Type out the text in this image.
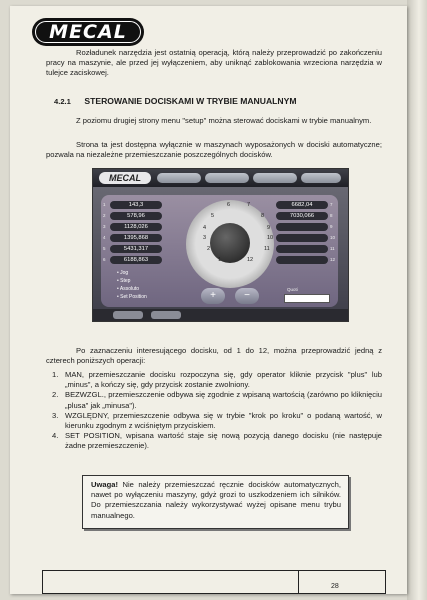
MECAL
Rozładunek narzędzia jest ostatnią operacją, którą należy przeprowadzić po zakończeniu pracy na maszynie, ale przed jej wyłączeniem, aby uniknąć zablokowania wrzeciona narzędzia w tulejce zaciskowej.
4.2.1 STEROWANIE DOCISKAMI W TRYBIE MANUALNYM
Z poziomu drugiej strony menu "setup" można sterować dociskami w trybie manualnym.
Strona ta jest dostępna wyłącznie w maszynach wyposażonych w dociski automatyczne; pozwala na niezależne przemieszczanie poszczególnych docisków.
MECAL
6	7
5	8
4	9
3	10
2	11
1	12
1	143,3
2	578,96
3	1128,026
4	1395,868
5	5431,317
6	6188,863
6682,04	7
7030,066	8
9
10
11
12
• Jog
• Step
• Assoluto
• Set Position	+	−
Quoti
Po zaznaczeniu interesującego docisku, od 1 do 12, można przeprowadzić jedną z czterech poniższych operacji:
1. MAN, przemieszczanie docisku rozpoczyna się, gdy operator kliknie przycisk "plus" lub „minus", a kończy się, gdy przycisk zostanie zwolniony.
2. BEZWZGL., przemieszczenie odbywa się zgodnie z wpisaną wartością (zarówno po kliknięciu „plusa" jak „minusa").
3. WZGLĘDNY, przemieszczenie odbywa się w trybie "krok po kroku" o podaną wartość, w kierunku zgodnym z wciśniętym przyciskiem.
4. SET POSITION, wpisana wartość staje się nową pozycją danego docisku (nie następuje żadne przemieszczenie).
Uwaga! Nie należy przemieszczać ręcznie docisków automatycznych, nawet po wyłączeniu maszyny, gdyż grozi to uszkodzeniem ich silników. Do przemieszczania należy wykorzystywać wyżej opisane menu trybu manualnego.
28
